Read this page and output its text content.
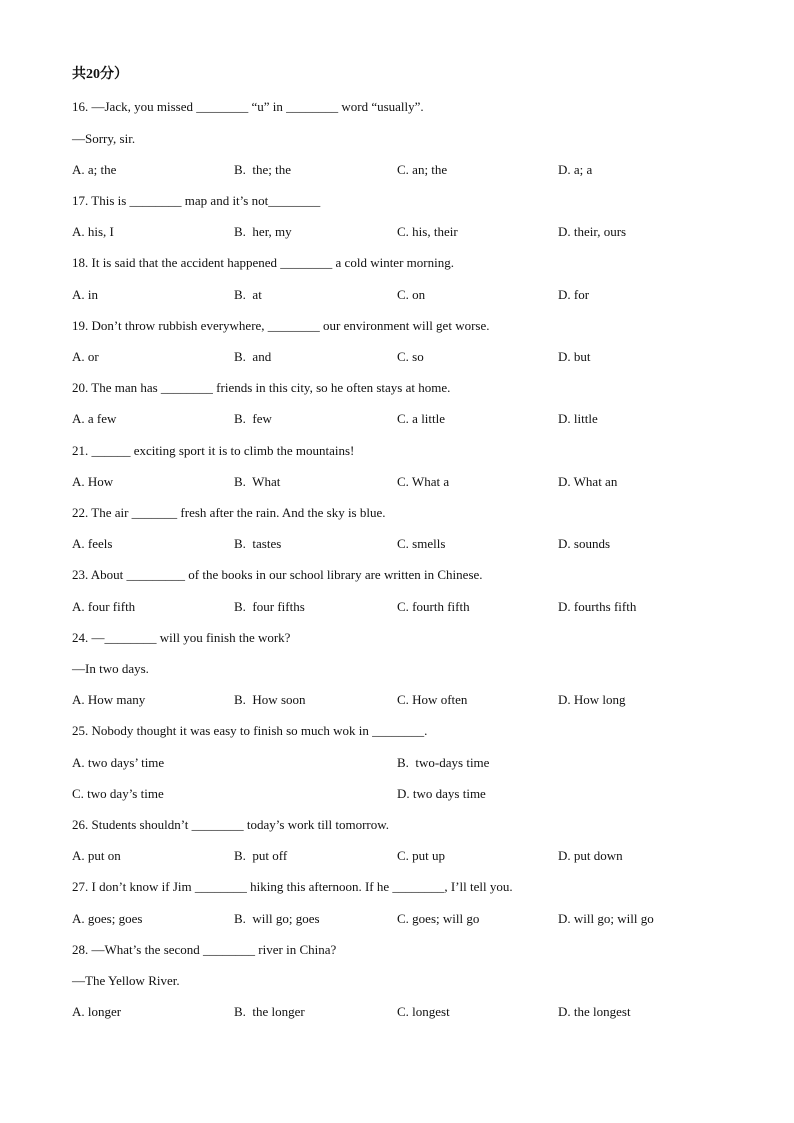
共20分）
16. —Jack, you missed ________ “u” in ________ word “usually”.
—Sorry, sir.
A. a; the	B.  the; the	C. an; the	D. a; a
17. This is ________ map and it’s not________
A. his, I	B.  her, my	C. his, their	D. their, ours
18. It is said that the accident happened ________ a cold winter morning.
A. in	B.  at	C. on	D. for
19. Don’t throw rubbish everywhere, ________ our environment will get worse.
A. or	B.  and	C. so	D. but
20. The man has ________ friends in this city, so he often stays at home.
A. a few	B.  few	C. a little	D. little
21. ______ exciting sport it is to climb the mountains!
A. How	B.  What	C. What a	D. What an
22. The air _______ fresh after the rain. And the sky is blue.
A. feels	B.  tastes	C. smells	D. sounds
23. About _________ of the books in our school library are written in Chinese.
A. four fifth	B.  four fifths	C. fourth fifth	D. fourths fifth
24. —________ will you finish the work?
—In two days.
A. How many	B.  How soon	C. How often	D. How long
25. Nobody thought it was easy to finish so much wok in ________.
A. two days’ time	B.  two-days time
C. two day’s time	D. two days time
26. Students shouldn’t ________ today’s work till tomorrow.
A. put on	B.  put off	C. put up	D. put down
27. I don’t know if Jim ________ hiking this afternoon. If he ________, I’ll tell you.
A. goes; goes	B.  will go; goes	C. goes; will go	D. will go; will go
28. —What’s the second ________ river in China?
—The Yellow River.
A. longer	B.  the longer	C. longest	D. the longest
